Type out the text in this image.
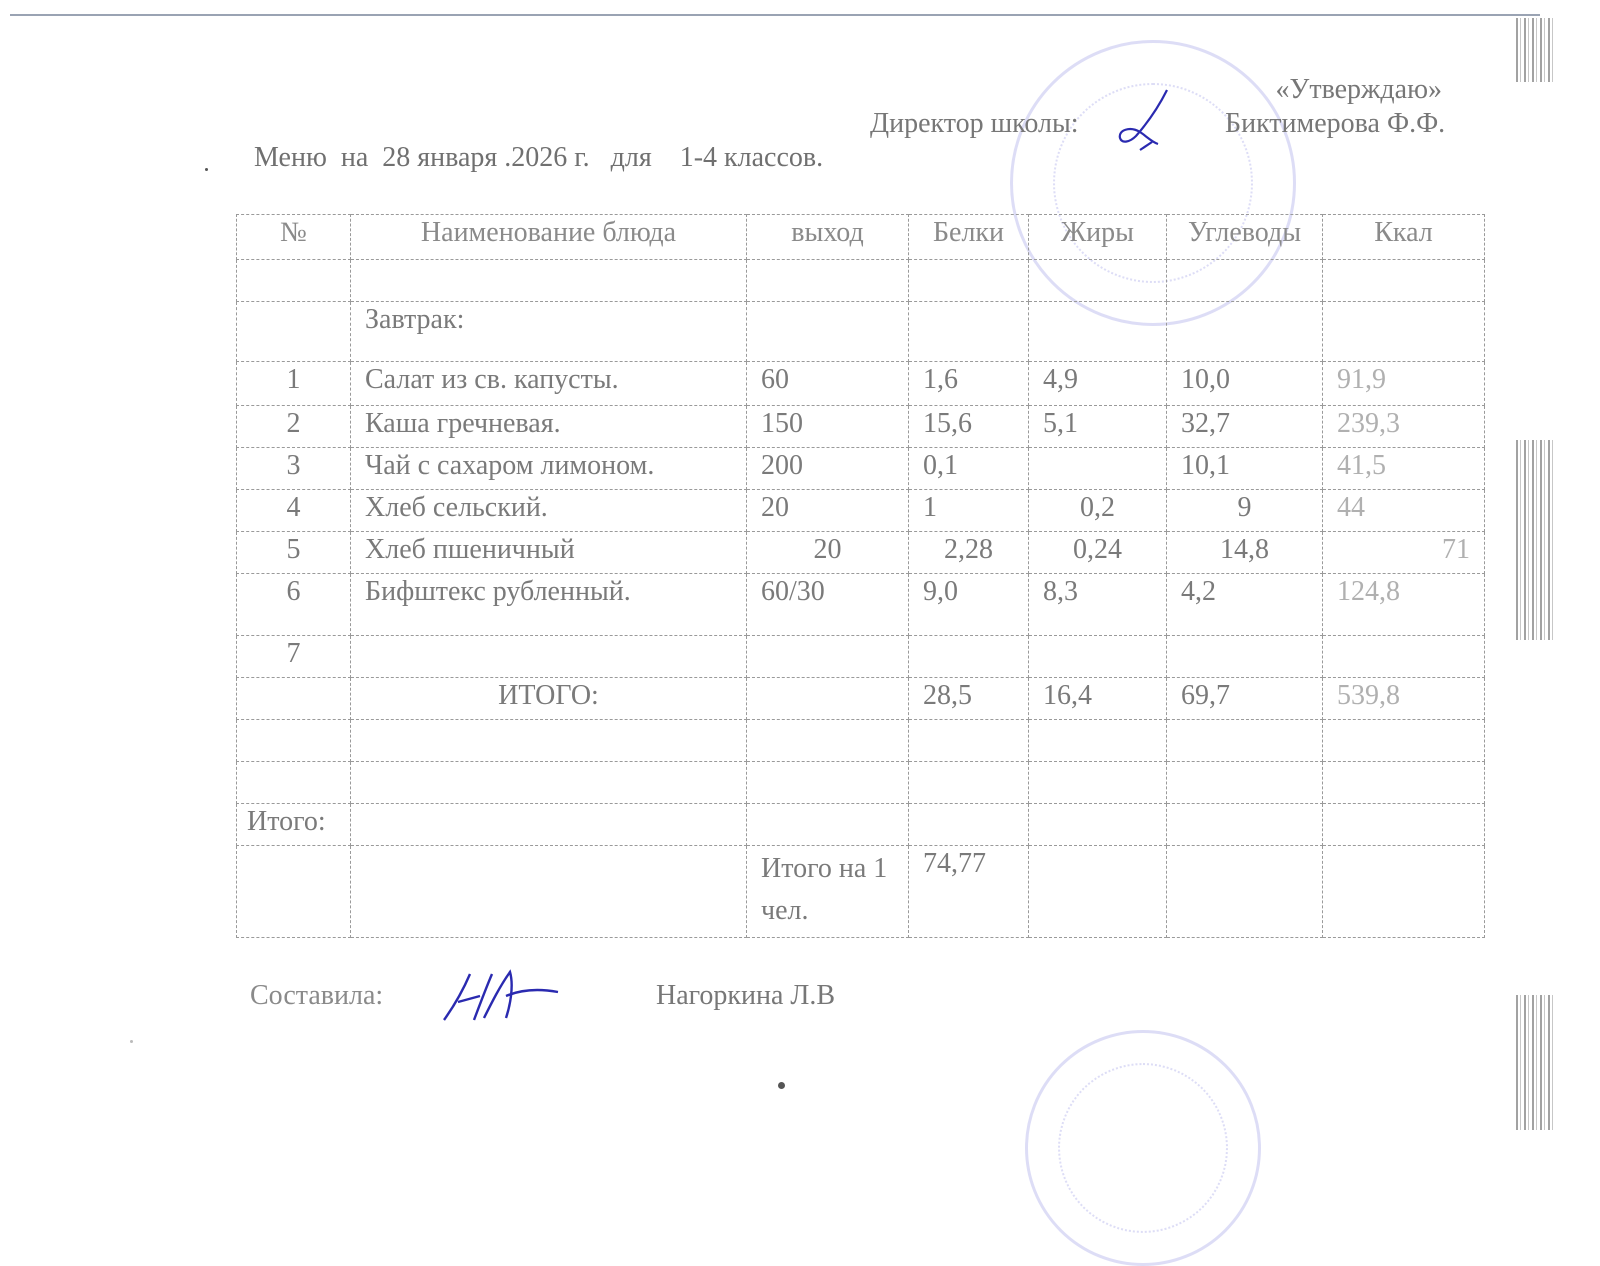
«Утверждаю»
Директор школы:	Биктимерова Ф.Ф.
Меню  на  28 января .2026 г.   для    1-4 классов.
№	Наименование блюда	выход	Белки	Жиры	Углеводы	Ккал

	Завтрак:					
1	Салат из св. капусты.	60	1,6	4,9	10,0	91,9
2	Каша гречневая.	150	15,6	5,1	32,7	239,3
3	Чай с сахаром лимоном.	200	0,1		10,1	41,5
4	Хлеб сельский.	20	1	0,2	9	44
5	Хлеб пшеничный	20	2,28	0,24	14,8	71
6	Бифштекс рубленный.	60/30	9,0	8,3	4,2	124,8
7						
	ИТОГО:		28,5	16,4	69,7	539,8

Итого:						
		Итого на 1 чел.	74,77			
Составила:	Нагоркина Л.В
